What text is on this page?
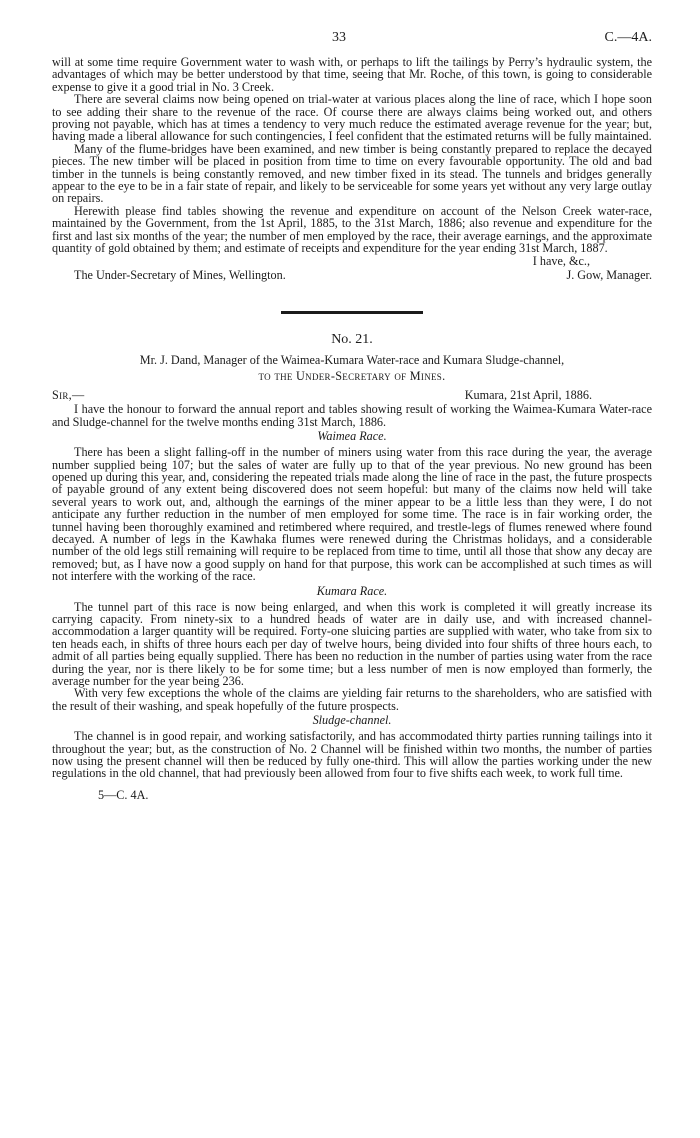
33	C.—4A.

will at some time require Government water to wash with, or perhaps to lift the tailings by Perry’s hydraulic system, the advantages of which may be better understood by that time, seeing that Mr. Roche, of this town, is going to considerable expense to give it a good trial in No. 3 Creek.

There are several claims now being opened on trial-water at various places along the line of race, which I hope soon to see adding their share to the revenue of the race. Of course there are always claims being worked out, and others proving not payable, which has at times a tendency to very much reduce the estimated average revenue for the year; but, having made a liberal allowance for such contingencies, I feel confident that the estimated returns will be fully maintained.

Many of the flume-bridges have been examined, and new timber is being constantly prepared to replace the decayed pieces. The new timber will be placed in position from time to time on every favourable opportunity. The old and bad timber in the tunnels is being constantly removed, and new timber fixed in its stead. The tunnels and bridges generally appear to the eye to be in a fair state of repair, and likely to be serviceable for some years yet without any very large outlay on repairs.

Herewith please find tables showing the revenue and expenditure on account of the Nelson Creek water-race, maintained by the Government, from the 1st April, 1885, to the 31st March, 1886; also revenue and expenditure for the first and last six months of the year; the number of men employed by the race, their average earnings, and the approximate quantity of gold obtained by them; and estimate of receipts and expenditure for the year ending 31st March, 1887.

I have, &c.,
The Under-Secretary of Mines, Wellington.	J. Gow, Manager.
No. 21.
Mr. J. Dand, Manager of the Waimea-Kumara Water-race and Kumara Sludge-channel,
to the Under-Secretary of Mines.
Sir,—	Kumara, 21st April, 1886.

I have the honour to forward the annual report and tables showing result of working the Waimea-Kumara Water-race and Sludge-channel for the twelve months ending 31st March, 1886.

Waimea Race.

There has been a slight falling-off in the number of miners using water from this race during the year, the average number supplied being 107; but the sales of water are fully up to that of the year previous. No new ground has been opened up during this year, and, considering the repeated trials made along the line of race in the past, the future prospects of payable ground of any extent being discovered does not seem hopeful: but many of the claims now held will take several years to work out, and, although the earnings of the miner appear to be a little less than they were, I do not anticipate any further reduction in the number of men employed for some time. The race is in fair working order, the tunnel having been thoroughly examined and retimbered where required, and trestle-legs of flumes renewed where found decayed. A number of legs in the Kawhaka flumes were renewed during the Christmas holidays, and a considerable number of the old legs still remaining will require to be replaced from time to time, until all those that show any decay are removed; but, as I have now a good supply on hand for that purpose, this work can be accomplished at such times as will not interfere with the working of the race.

Kumara Race.

The tunnel part of this race is now being enlarged, and when this work is completed it will greatly increase its carrying capacity. From ninety-six to a hundred heads of water are in daily use, and with increased channel-accommodation a larger quantity will be required. Forty-one sluicing parties are supplied with water, who take from six to ten heads each, in shifts of three hours each per day of twelve hours, being divided into four shifts of three hours each, to admit of all parties being equally supplied. There has been no reduction in the number of parties using water from the race during the year, nor is there likely to be for some time; but a less number of men is now employed than formerly, the average number for the year being 236.

With very few exceptions the whole of the claims are yielding fair returns to the shareholders, who are satisfied with the result of their washing, and speak hopefully of the future prospects.

Sludge-channel.

The channel is in good repair, and working satisfactorily, and has accommodated thirty parties running tailings into it throughout the year; but, as the construction of No. 2 Channel will be finished within two months, the number of parties now using the present channel will then be reduced by fully one-third. This will allow the parties working under the new regulations in the old channel, that had previously been allowed from four to five shifts each week, to work full time.

5—C. 4A.
